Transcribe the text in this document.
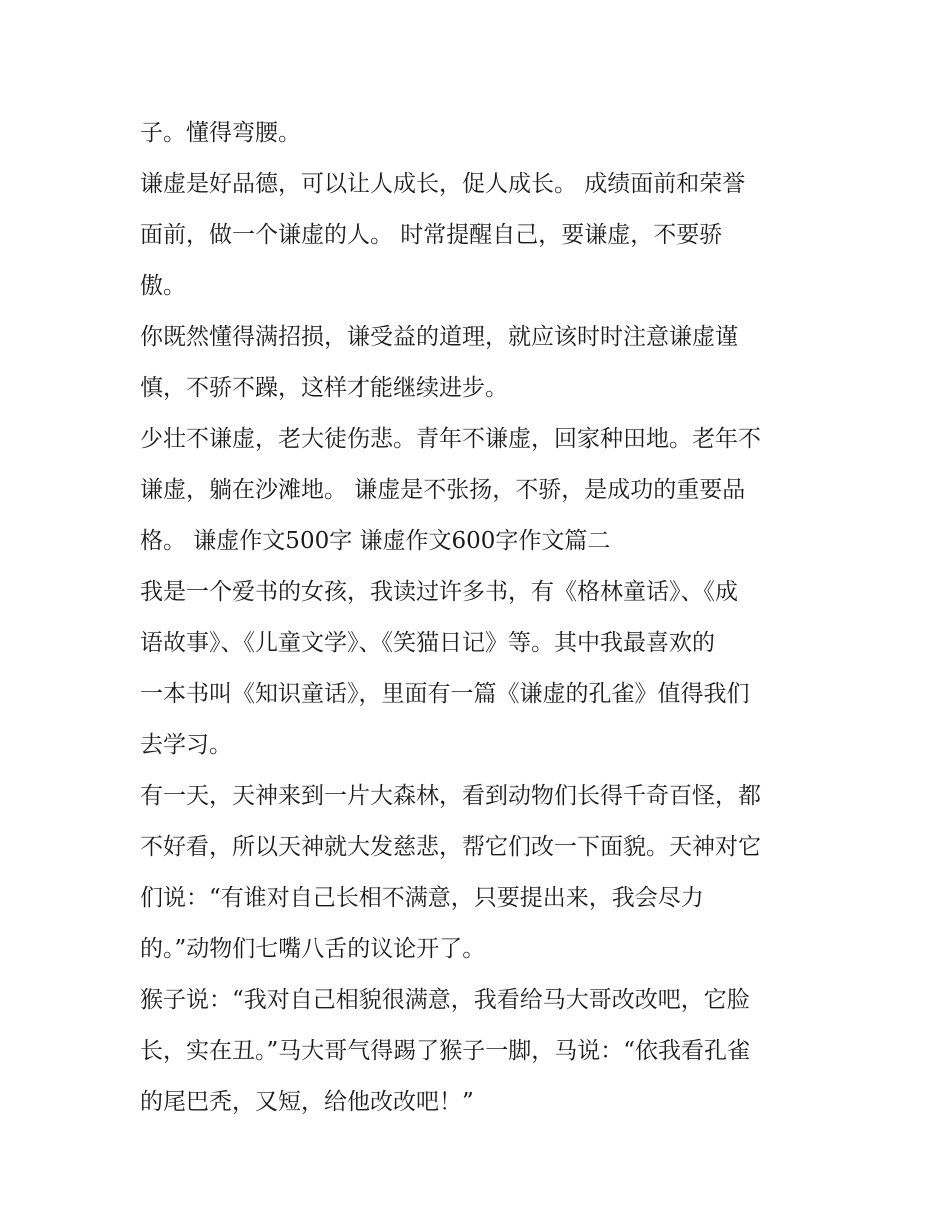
子。懂得弯腰。
谦虚是好品德，可以让人成长，促人成长。 成绩面前和荣誉
面前，做一个谦虚的人。 时常提醒自己，要谦虚，不要骄
傲。
你既然懂得满招损，谦受益的道理，就应该时时注意谦虚谨
慎，不骄不躁，这样才能继续进步。
少壮不谦虚，老大徒伤悲。青年不谦虚，回家种田地。老年不
谦虚，躺在沙滩地。 谦虚是不张扬，不骄，是成功的重要品
格。 谦虚作文500字 谦虚作文600字作文篇二
我是一个爱书的女孩，我读过许多书，有《格林童话》、《成
语故事》、《儿童文学》、《笑猫日记》等。其中我最喜欢的
一本书叫《知识童话》，里面有一篇《谦虚的孔雀》值得我们
去学习。
有一天，天神来到一片大森林，看到动物们长得千奇百怪，都
不好看，所以天神就大发慈悲，帮它们改一下面貌。天神对它
们说：“有谁对自己长相不满意，只要提出来，我会尽力
的。”动物们七嘴八舌的议论开了。
猴子说：“我对自己相貌很满意，我看给马大哥改改吧，它脸
长，实在丑。”马大哥气得踢了猴子一脚，马说：“依我看孔雀
的尾巴秃，又短，给他改改吧！”
